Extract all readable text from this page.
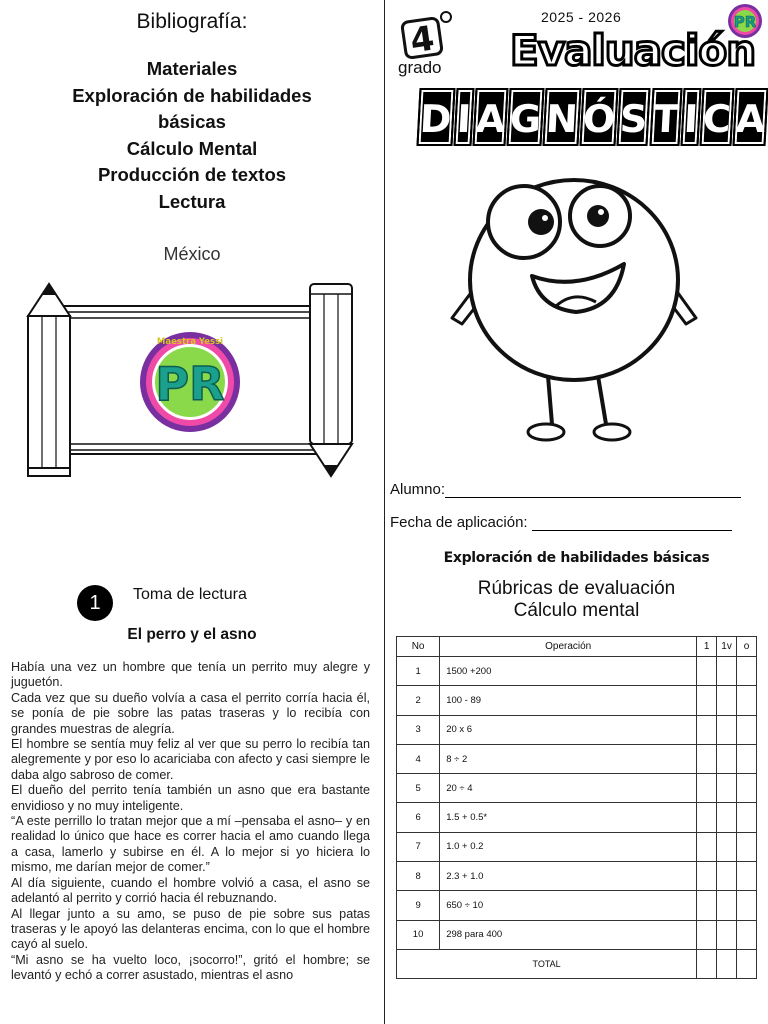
Bibliografía:
Materiales
Exploración de habilidades
básicas
Cálculo Mental
Producción de textos
Lectura
México
PR
Maestra Yessi
1	Toma de lectura
El perro y el asno

Había una vez un hombre que tenía un perrito muy alegre y juguetón.

Cada vez que su dueño volvía a casa el perrito corría hacia él, se ponía de pie sobre las patas traseras y lo recibía con grandes muestras de alegría.

El hombre se sentía muy feliz al ver que su perro lo recibía tan alegremente y por eso lo acariciaba con afecto y casi siempre le daba algo sabroso de comer.

El dueño del perrito tenía también un asno que era bastante envidioso y no muy inteligente.

“A este perrillo lo tratan mejor que a mí –pensaba el asno– y en realidad lo único que hace es correr hacia el amo cuando llega a casa, lamerlo y subirse en él. A lo mejor si yo hiciera lo mismo, me darían mejor de comer.”

Al día siguiente, cuando el hombre volvió a casa, el asno se adelantó al perrito y corrió hacia él rebuznando.

Al llegar junto a su amo, se puso de pie sobre sus patas traseras y le apoyó las delanteras encima, con lo que el hombre cayó al suelo.

“Mi asno se ha vuelto loco, ¡socorro!”, gritó el hombre; se levantó y echó a correr asustado, mientras el asno

4
grado
2025 - 2026	PR
Evaluación
D I A G N Ó S T I C A
Alumno:
Fecha de aplicación:
Exploración de habilidades básicas
Rúbricas de evaluación
Cálculo mental
No	Operación	1	1v	o
1	1500 +200			
2	100 - 89			
3	20 x 6			
4	8 ÷ 2			
5	20 ÷ 4			
6	1.5 + 0.5*			
7	1.0 + 0.2			
8	2.3 + 1.0			
9	650 ÷ 10			
10	298 para 400			
TOTAL				
